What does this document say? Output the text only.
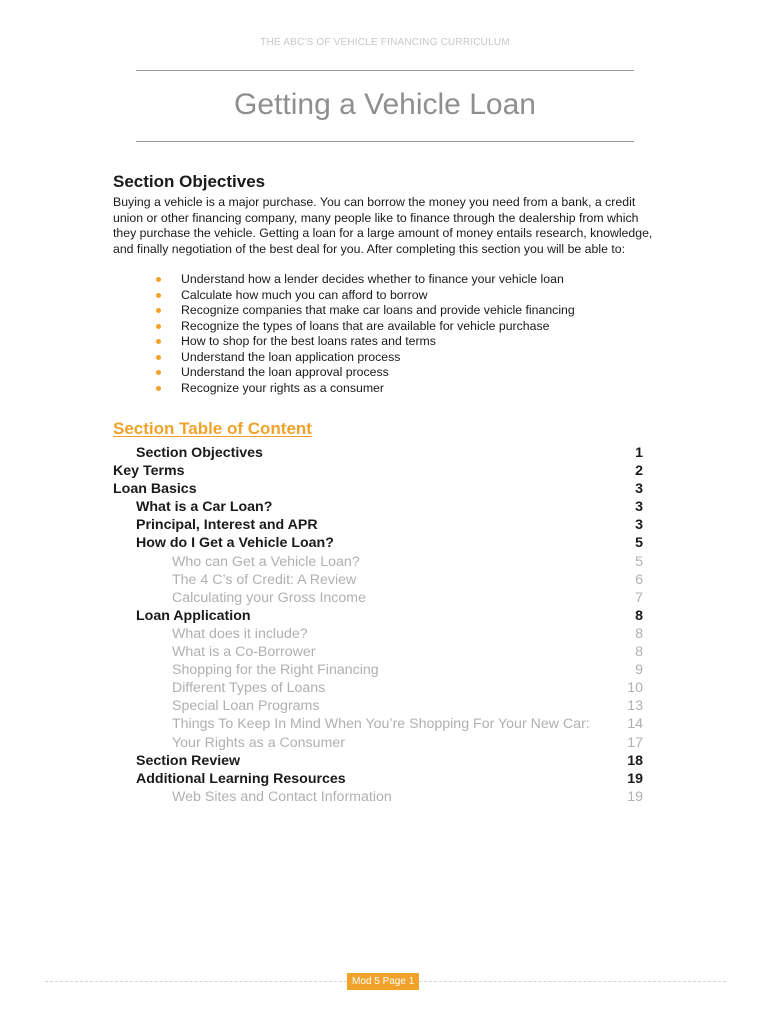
THE ABC'S OF VEHICLE FINANCING CURRICULUM
Getting a Vehicle Loan
Section Objectives

Buying a vehicle is a major purchase. You can borrow the money you need from a bank, a credit union or other financing company, many people like to finance through the dealership from which they purchase the vehicle. Getting a loan for a large amount of money entails research, knowledge, and finally negotiation of the best deal for you. After completing this section you will be able to:

Understand how a lender decides whether to finance your vehicle loan
Calculate how much you can afford to borrow
Recognize companies that make car loans and provide vehicle financing
Recognize the types of loans that are available for vehicle purchase
How to shop for the best loans rates and terms
Understand the loan application process
Understand the loan approval process
Recognize your rights as a consumer
Section Table of Content
Section Objectives	1
Key Terms	2
Loan Basics	3
What is a Car Loan?	3
Principal, Interest and APR	3
How do I Get a Vehicle Loan?	5
Who can Get a Vehicle Loan?	5
The 4 C’s of Credit: A Review	6
Calculating your Gross Income	7
Loan Application	8
What does it include?	8
What is a Co-Borrower	8
Shopping for the Right Financing	9
Different Types of Loans	10
Special Loan Programs	13
Things To Keep In Mind When You’re Shopping For Your New Car:	14
Your Rights as a Consumer	17
Section Review	18
Additional Learning Resources	19
Web Sites and Contact Information	19
Mod 5 Page 1
